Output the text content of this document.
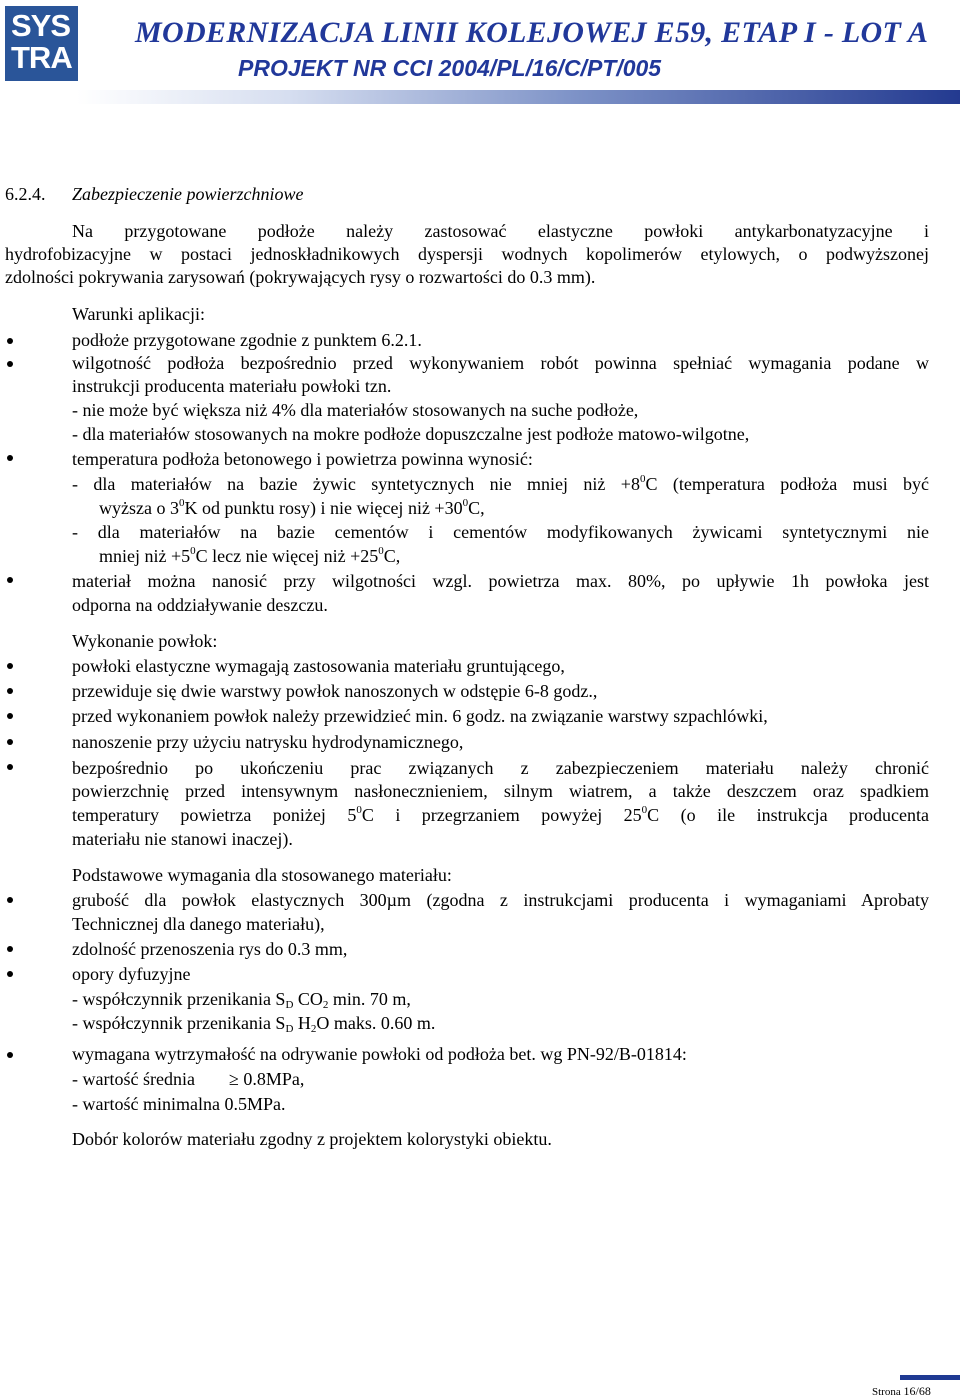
SYS
TRA
MODERNIZACJA LINII KOLEJOWEJ E59, ETAP I - LOT A
PROJEKT NR CCI 2004/PL/16/C/PT/005
6.2.4. Zabezpieczenie powierzchniowe
Na przygotowane podłoże należy zastosować elastyczne powłoki antykarbonatyzacyjne i
hydrofobizacyjne w postaci jednoskładnikowych dyspersji wodnych kopolimerów etylowych, o podwyższonej
zdolności pokrywania zarysowań (pokrywających rysy o rozwartości do 0.3 mm).
Warunki aplikacji:
podłoże przygotowane zgodnie z punktem 6.2.1.
wilgotność podłoża bezpośrednio przed wykonywaniem robót powinna spełniać wymagania podane w
instrukcji producenta materiału powłoki tzn.
- nie może być większa niż 4% dla materiałów stosowanych na suche podłoże,
- dla materiałów stosowanych na mokre podłoże dopuszczalne jest podłoże matowo-wilgotne,
temperatura podłoża betonowego i powietrza powinna wynosić:
- dla materiałów na bazie żywic syntetycznych nie mniej niż $+8^0C$ (temperatura podłoża musi być
wyższa o $3^0K$ od punktu rosy) i nie więcej niż $+30^0C$,
- dla materiałów na bazie cementów i cementów modyfikowanych żywicami syntetycznymi nie
mniej niż $+5^0C$ lecz nie więcej niż $+25^0C$,
materiał można nanosić przy wilgotności wzgl. powietrza max. 80%, po upływie 1h powłoka jest
odporna na oddziaływanie deszczu.
Wykonanie powłok:
powłoki elastyczne wymagają zastosowania materiału gruntującego,
przewiduje się dwie warstwy powłok nanoszonych w odstępie 6-8 godz.,
przed wykonaniem powłok należy przewidzieć min. 6 godz. na związanie warstwy szpachlówki,
nanoszenie przy użyciu natrysku hydrodynamicznego,
bezpośrednio po ukończeniu prac związanych z zabezpieczeniem materiału należy chronić
powierzchnię przed intensywnym nasłonecznieniem, silnym wiatrem, a także deszczem oraz spadkiem
temperatury powietrza poniżej $5^0C$ i przegrzaniem powyżej $25^0C$ (o ile instrukcja producenta
materiału nie stanowi inaczej).
Podstawowe wymagania dla stosowanego materiału:
grubość dla powłok elastycznych 300µm (zgodna z instrukcjami producenta i wymaganiami Aprobaty
Technicznej dla danego materiału),
zdolność przenoszenia rys do 0.3 mm,
opory dyfuzyjne
- współczynnik przenikania $S_D$ $CO_2$ min. 70 m,
- współczynnik przenikania $S_D$ $H_2O$ maks. 0.60 m.
wymagana wytrzymałość na odrywanie powłoki od podłoża bet. wg PN-92/B-01814:
- wartość średnia ≥ 0.8MPa,
- wartość minimalna 0.5MPa.
Dobór kolorów materiału zgodny z projektem kolorystyki obiektu.
Strona 16/68
